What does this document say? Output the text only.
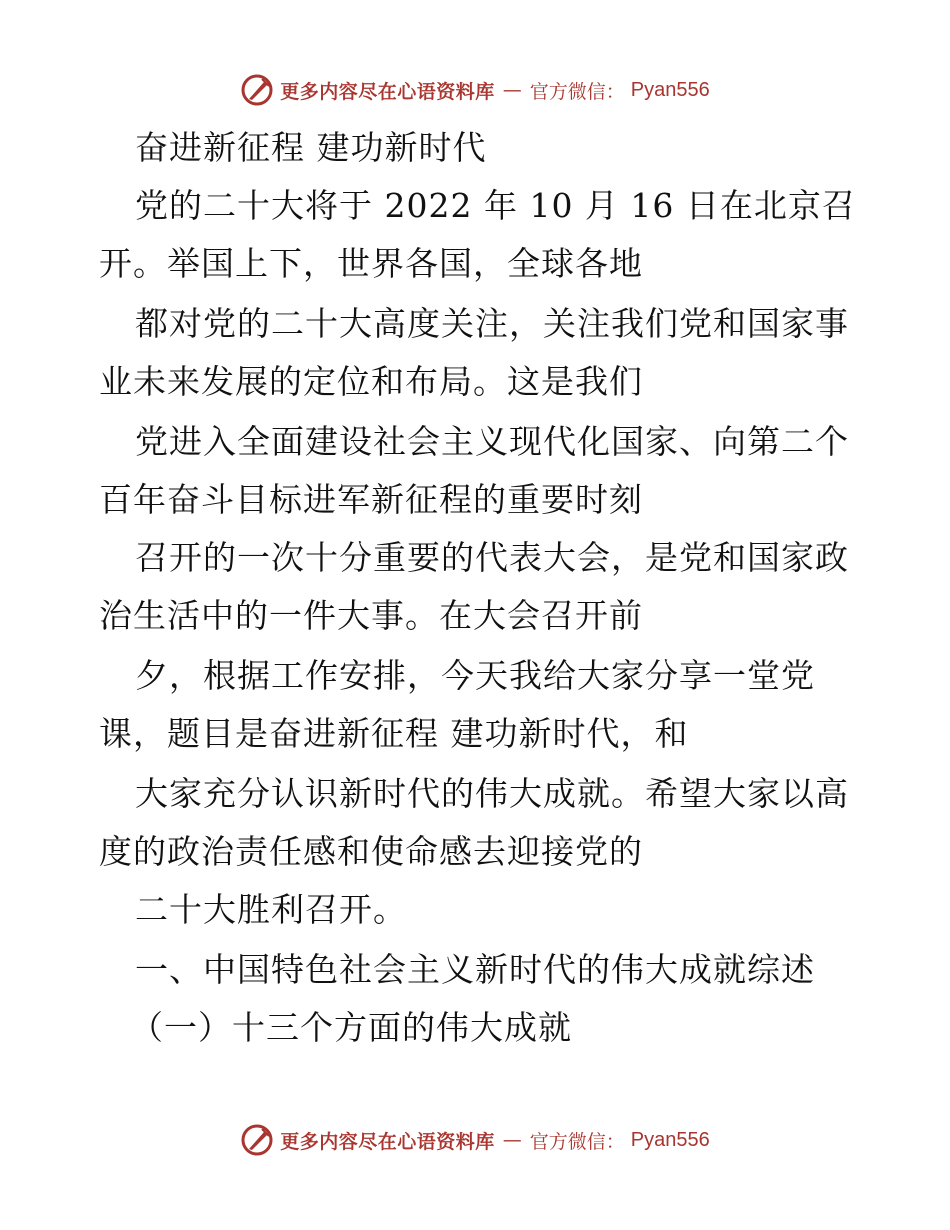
更多内容尽在心语资料库 — 官方微信： Pyan556
奋进新征程 建功新时代
党的二十大将于 2022 年 10 月 16 日在北京召
开。举国上下，世界各国，全球各地
都对党的二十大高度关注，关注我们党和国家事
业未来发展的定位和布局。这是我们
党进入全面建设社会主义现代化国家、向第二个
百年奋斗目标进军新征程的重要时刻
召开的一次十分重要的代表大会，是党和国家政
治生活中的一件大事。在大会召开前
夕，根据工作安排，今天我给大家分享一堂党
课，题目是奋进新征程 建功新时代，和
大家充分认识新时代的伟大成就。希望大家以高
度的政治责任感和使命感去迎接党的
二十大胜利召开。
一、中国特色社会主义新时代的伟大成就综述
（一）十三个方面的伟大成就
更多内容尽在心语资料库 — 官方微信： Pyan556
